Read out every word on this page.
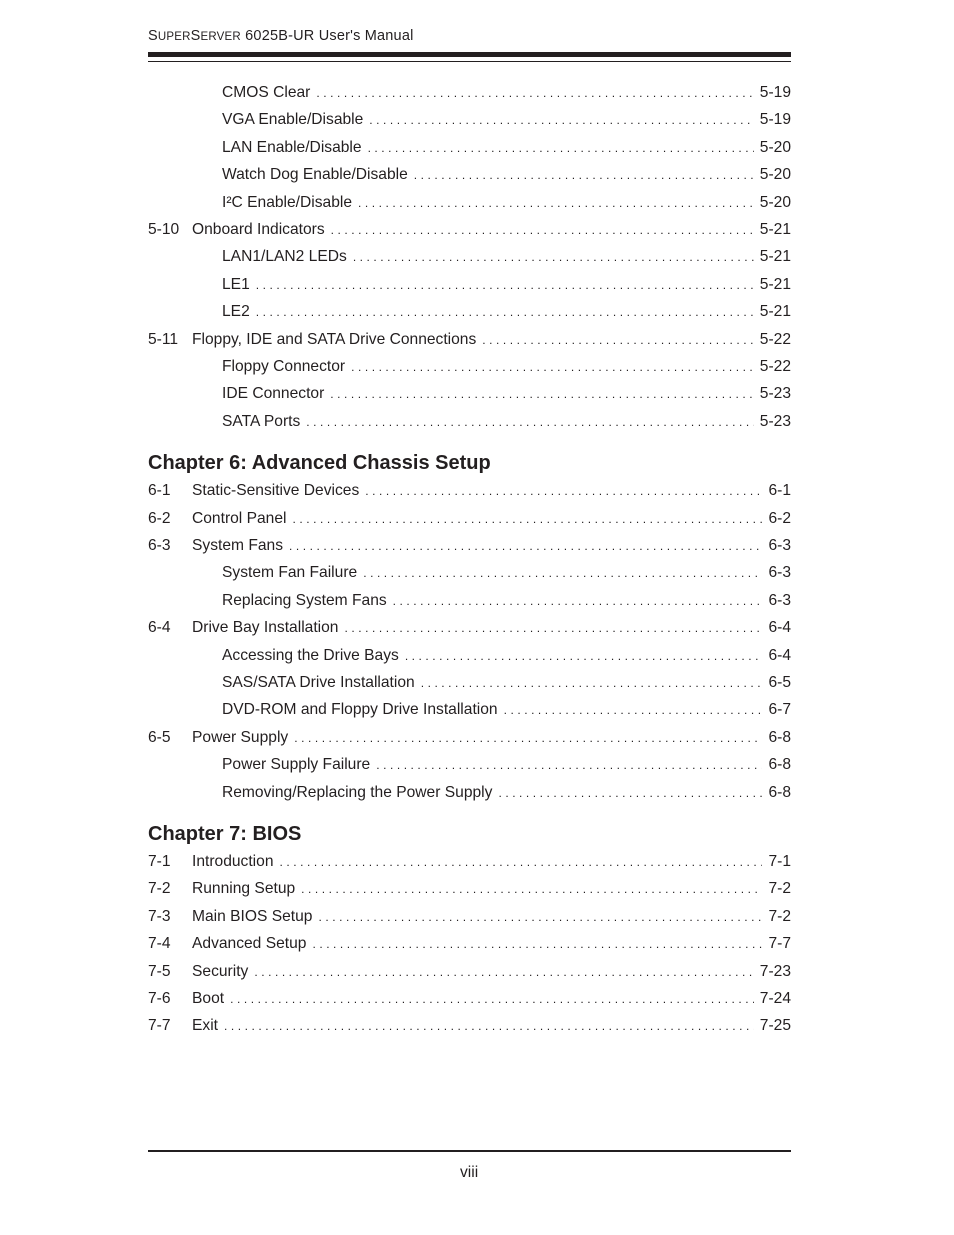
SUPERSERVER 6025B-UR User's Manual
CMOS Clear . . .	5-19
VGA Enable/Disable . . .	5-19
LAN Enable/Disable . . .	5-20
Watch Dog Enable/Disable . . .	5-20
I²C Enable/Disable . . .	5-20
5-10 Onboard Indicators . . .	5-21
LAN1/LAN2 LEDs . . .	5-21
LE1 . . .	5-21
LE2 . . .	5-21
5-11 Floppy, IDE and SATA Drive Connections . . .	5-22
Floppy Connector . . .	5-22
IDE Connector . . .	5-23
SATA Ports . . .	5-23
Chapter 6: Advanced Chassis Setup
6-1	Static-Sensitive Devices . . .	6-1
6-2	Control Panel . . .	6-2
6-3	System Fans . . .	6-3
System Fan Failure . . .	6-3
Replacing System Fans . . .	6-3
6-4	Drive Bay Installation . . .	6-4
Accessing the Drive Bays . . .	6-4
SAS/SATA Drive Installation . . .	6-5
DVD-ROM and Floppy Drive Installation . . .	6-7
6-5	Power Supply . . .	6-8
Power Supply Failure . . .	6-8
Removing/Replacing the Power Supply . . .	6-8
Chapter 7: BIOS
7-1	Introduction . . .	7-1
7-2	Running Setup . . .	7-2
7-3	Main BIOS Setup . . .	7-2
7-4	Advanced Setup . . .	7-7
7-5	Security . . .	7-23
7-6	Boot . . .	7-24
7-7	Exit . . .	7-25
viii
